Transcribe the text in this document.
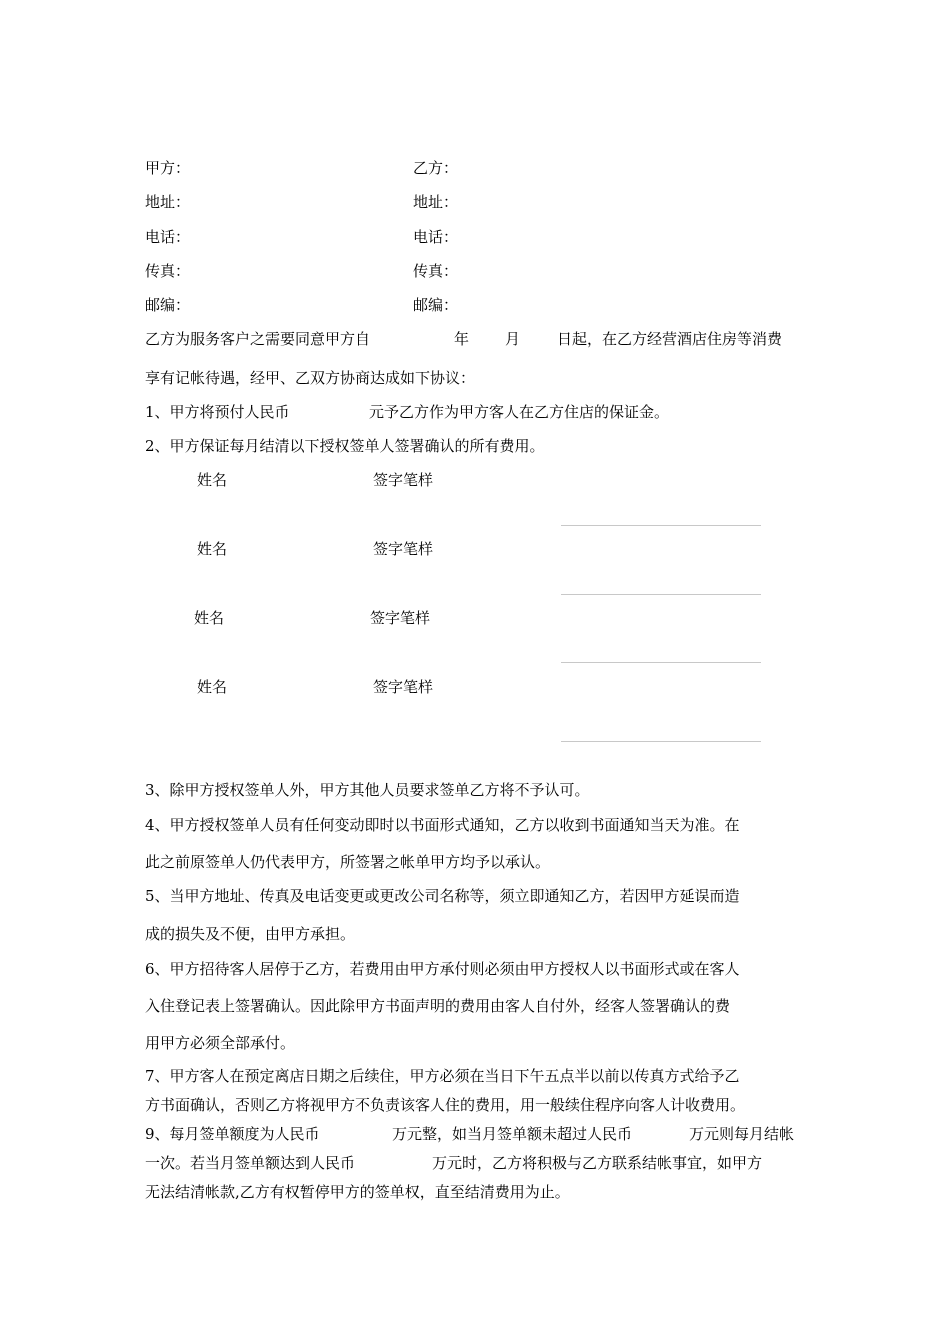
甲方：	乙方：
地址：	地址：
电话：	电话：
传真：	传真：
邮编：	邮编：
乙方为服务客户之需要同意甲方自	年 月 日起，在乙方经营酒店住房等消费
享有记帐待遇，经甲、乙双方协商达成如下协议：
1、甲方将预付人民币	元予乙方作为甲方客人在乙方住店的保证金。
2、甲方保证每月结清以下授权签单人签署确认的所有费用。
姓名	签字笔样
姓名	签字笔样
姓名	签字笔样
姓名	签字笔样
3、除甲方授权签单人外，甲方其他人员要求签单乙方将不予认可。
4、甲方授权签单人员有任何变动即时以书面形式通知，乙方以收到书面通知当天为准。在
此之前原签单人仍代表甲方，所签署之帐单甲方均予以承认。
5、当甲方地址、传真及电话变更或更改公司名称等，须立即通知乙方，若因甲方延误而造
成的损失及不便，由甲方承担。
6、甲方招待客人居停于乙方，若费用由甲方承付则必须由甲方授权人以书面形式或在客人
入住登记表上签署确认。因此除甲方书面声明的费用由客人自付外，经客人签署确认的费
用甲方必须全部承付。
7、甲方客人在预定离店日期之后续住，甲方必须在当日下午五点半以前以传真方式给予乙
方书面确认，否则乙方将视甲方不负责该客人住的费用，用一般续住程序向客人计收费用。
9、每月签单额度为人民币	万元整，如当月签单额未超过人民币	万元则每月结帐
一次。若当月签单额达到人民币	万元时，乙方将积极与乙方联系结帐事宜，如甲方
无法结清帐款,乙方有权暂停甲方的签单权，直至结清费用为止。
